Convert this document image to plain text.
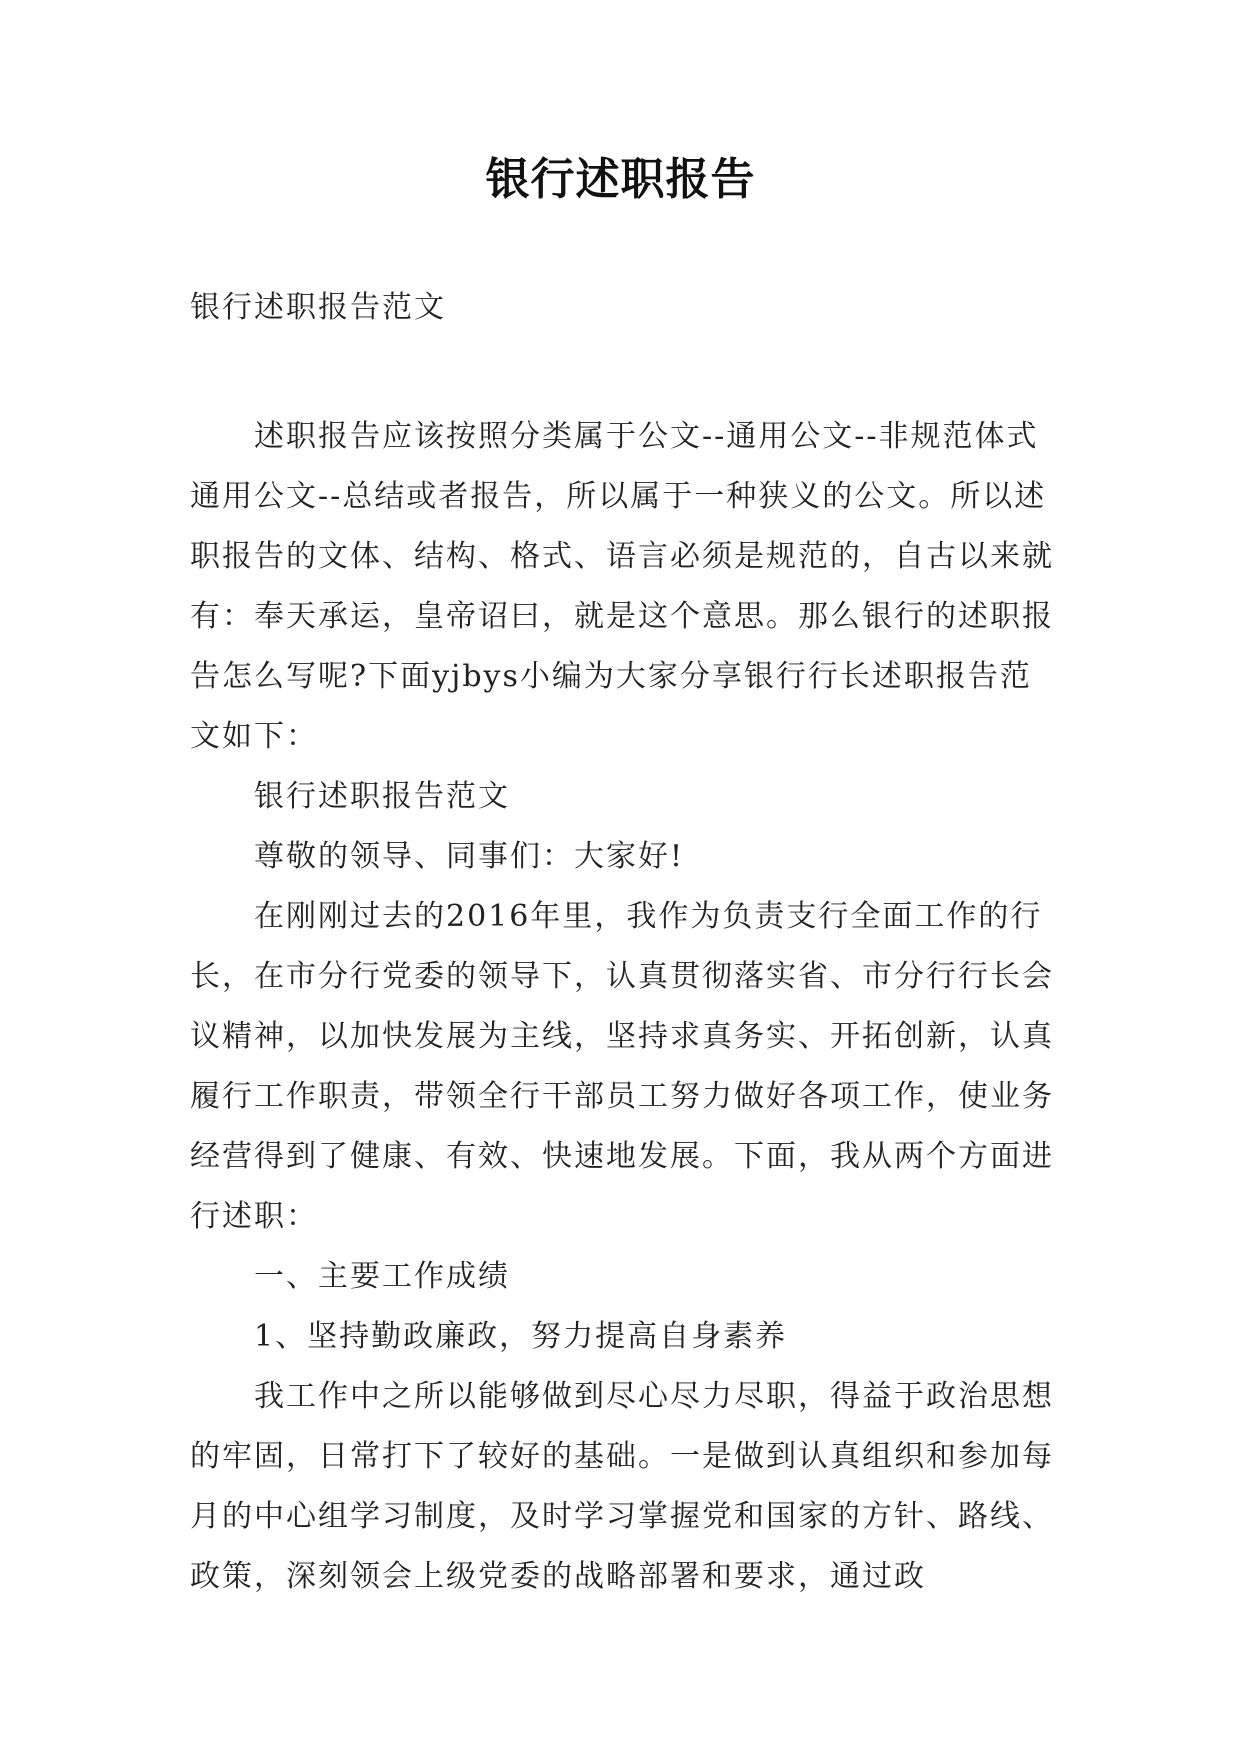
银行述职报告
银行述职报告范文

述职报告应该按照分类属于公文--通用公文--非规范体式通用公文--总结或者报告，所以属于一种狭义的公文。所以述职报告的文体、结构、格式、语言必须是规范的，自古以来就有：奉天承运，皇帝诏曰，就是这个意思。那么银行的述职报告怎么写呢?下面yjbys小编为大家分享银行行长述职报告范文如下：

银行述职报告范文

尊敬的领导、同事们：大家好!

在刚刚过去的2016年里，我作为负责支行全面工作的行长，在市分行党委的领导下，认真贯彻落实省、市分行行长会议精神，以加快发展为主线，坚持求真务实、开拓创新，认真履行工作职责，带领全行干部员工努力做好各项工作，使业务经营得到了健康、有效、快速地发展。下面，我从两个方面进行述职：

一、主要工作成绩

1、坚持勤政廉政，努力提高自身素养

我工作中之所以能够做到尽心尽力尽职，得益于政治思想的牢固，日常打下了较好的基础。一是做到认真组织和参加每月的中心组学习制度，及时学习掌握党和国家的方针、路线、政策，深刻领会上级党委的战略部署和要求，通过政
